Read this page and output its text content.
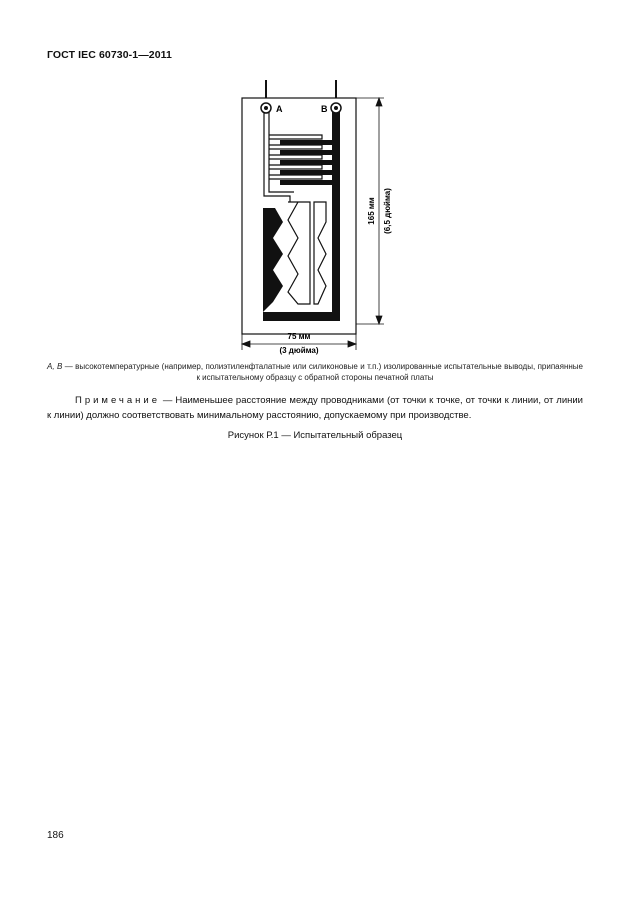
ГОСТ IEC 60730-1—2011
A	B
165 мм (6,5 дюйма)
75 мм
(3 дюйма)
А, В — высокотемпературные (например, полиэтиленфталатные или силиконовые и т.п.) изолированные испытательные выводы, припаянные к испытательному образцу с обратной стороны печатной платы
Примечание — Наименьшее расстояние между проводниками (от точки к точке, от точки к линии, от линии к линии) должно соответствовать минимальному расстоянию, допускаемому при производстве.
Рисунок Р.1 — Испытательный образец
186
